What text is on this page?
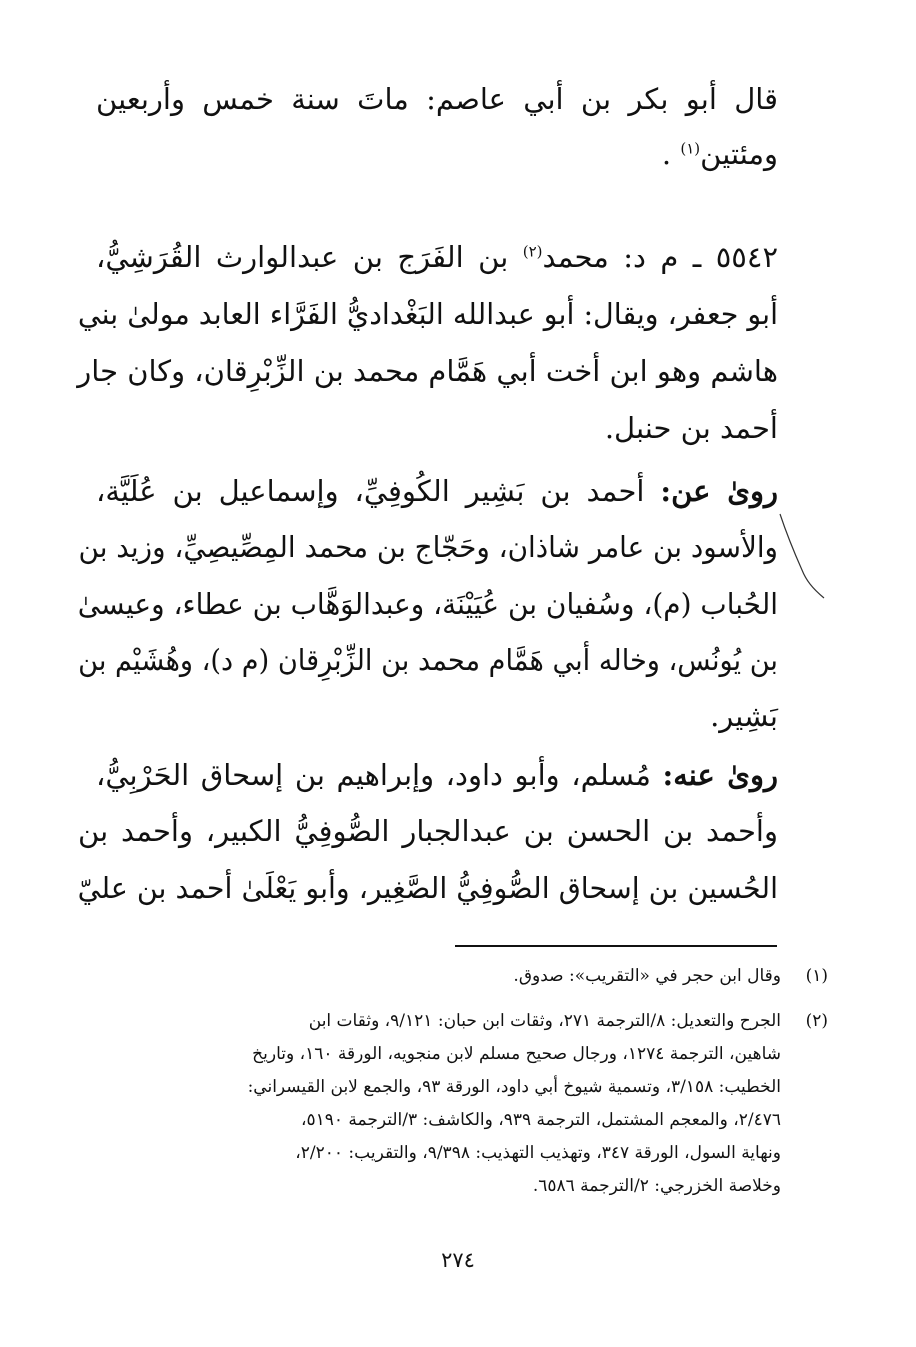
قال أبو بكر بن أبي عاصم: ماتَ سنة خمس وأربعين
ومئتين$^{(١)}$ .
٥٥٤٢ ـ م د: محمد$^{(٢)}$ بن الفَرَج بن عبدالوارث القُرَشِيُّ،
أبو جعفر، ويقال: أبو عبدالله البَغْداديُّ الفَرَّاء العابد مولىٰ بني
هاشم وهو ابن أخت أبي هَمَّام محمد بن الزِّبْرِقان، وكان جار
أحمد بن حنبل.
رویٰ عن: أحمد بن بَشِير الكُوفِيِّ، وإسماعيل بن عُلَيَّة،
والأسود بن عامر شاذان، وحَجّاج بن محمد المِصِّيصِيِّ، وزيد بن
الحُباب (م)، وسُفيان بن عُيَيْنَة، وعبدالوَهَّاب بن عطاء، وعيسىٰ
بن يُونُس، وخاله أبي هَمَّام محمد بن الزِّبْرِقان (م د)، وهُشَيْم بن
بَشِير.
رویٰ عنه: مُسلم، وأبو داود، وإبراهيم بن إسحاق الحَرْبِيُّ،
وأحمد بن الحسن بن عبدالجبار الصُّوفِيُّ الكبير، وأحمد بن
الحُسين بن إسحاق الصُّوفِيُّ الصَّغِير، وأبو يَعْلَىٰ أحمد بن عليّ
(١)
وقال ابن حجر في «التقريب»: صدوق.
(٢)
الجرح والتعديل: ٨/الترجمة ٢٧١، وثقات ابن حبان: ٩/١٢١، وثقات ابن
شاهين، الترجمة ١٢٧٤، ورجال صحيح مسلم لابن منجويه، الورقة ١٦٠، وتاريخ
الخطيب: ٣/١٥٨، وتسمية شيوخ أبي داود، الورقة ٩٣، والجمع لابن القيسراني:
٢/٤٧٦، والمعجم المشتمل، الترجمة ٩٣٩، والكاشف: ٣/الترجمة ٥١٩٠،
ونهاية السول، الورقة ٣٤٧، وتهذيب التهذيب: ٩/٣٩٨، والتقريب: ٢/٢٠٠،
وخلاصة الخزرجي: ٢/الترجمة ٦٥٨٦.
٢٧٤
